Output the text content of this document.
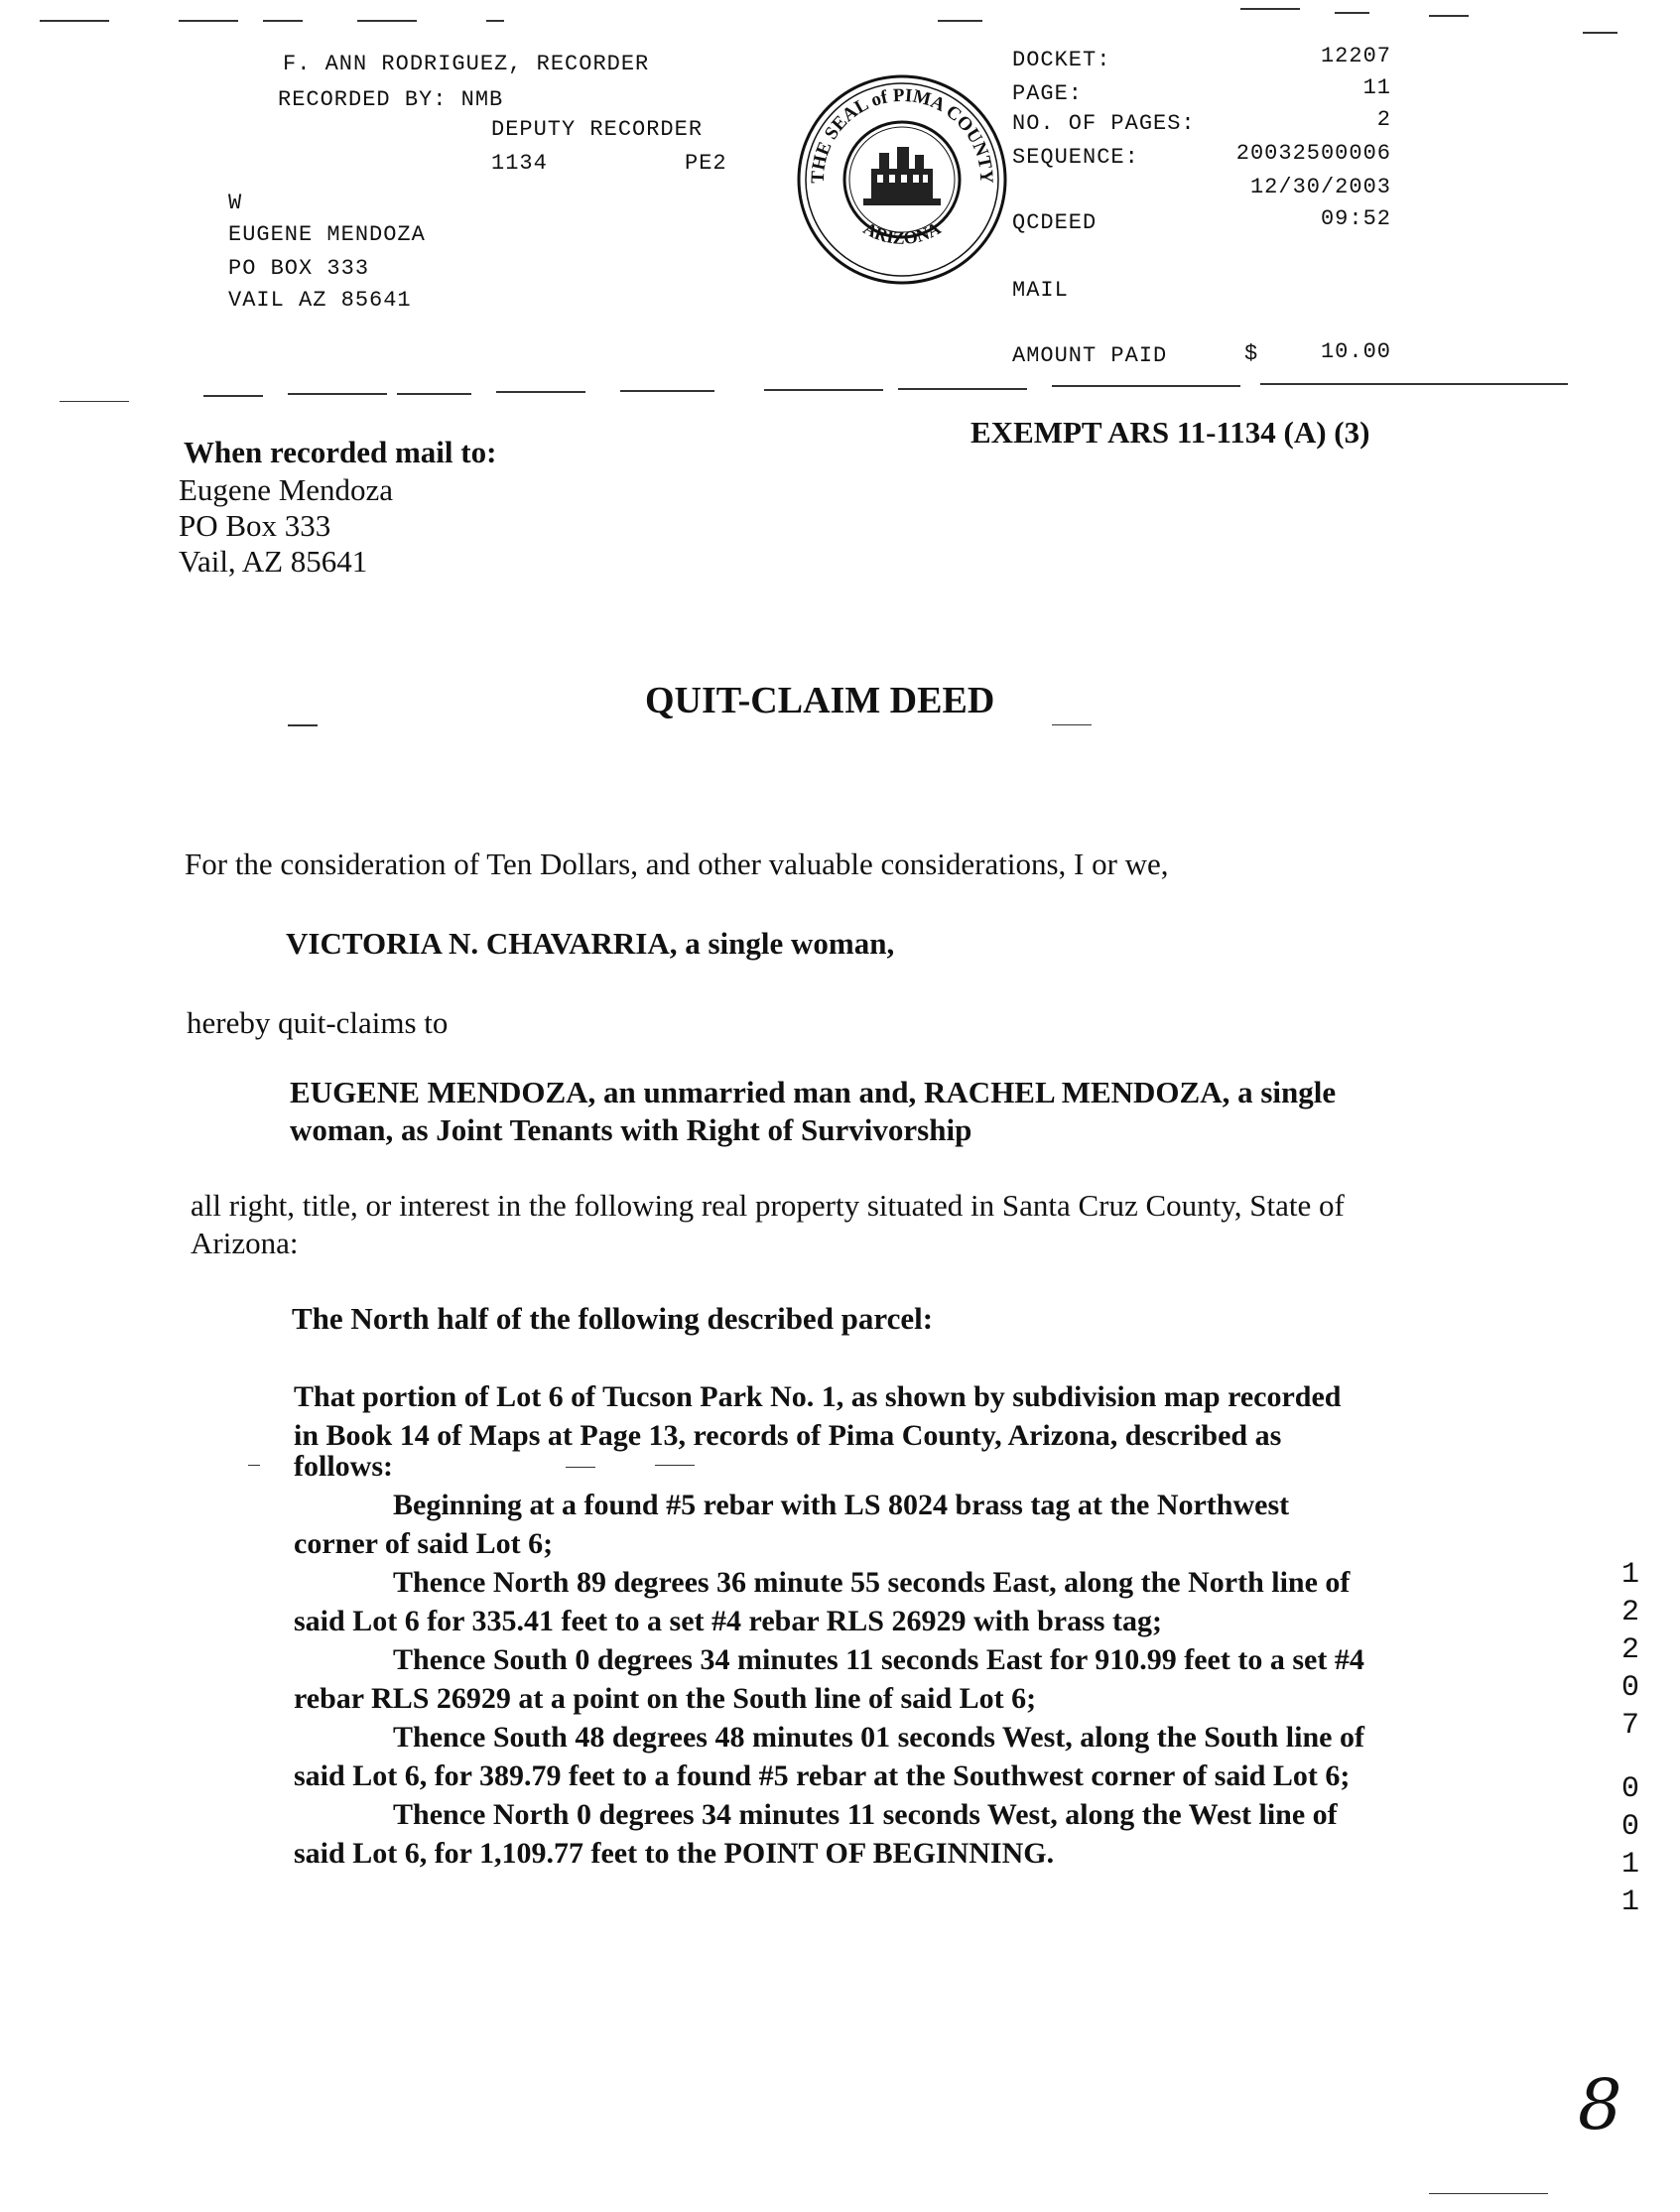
F. ANN RODRIGUEZ, RECORDER
RECORDED BY: NMB
DEPUTY RECORDER
1134	PE2
W
EUGENE MENDOZA
PO BOX 333
VAIL AZ 85641
THE SEAL of PIMA COUNTY
ARIZONA
DOCKET:	12207
PAGE:	11
NO. OF PAGES:	2
SEQUENCE:	20032500006
12/30/2003
QCDEED	09:52
MAIL
AMOUNT PAID	$	10.00
EXEMPT ARS 11-1134 (A) (3)
When recorded mail to:
Eugene Mendoza
PO Box 333
Vail, AZ 85641
QUIT-CLAIM DEED
For the consideration of Ten Dollars, and other valuable considerations, I or we,
VICTORIA N. CHAVARRIA, a single woman,
hereby quit-claims to
EUGENE MENDOZA, an unmarried man and, RACHEL MENDOZA, a single
woman, as Joint Tenants with Right of Survivorship
all right, title, or interest in the following real property situated in Santa Cruz County, State of
Arizona:
The North half of the following described parcel:
That portion of Lot 6 of Tucson Park No. 1, as shown by subdivision map recorded
in Book 14 of Maps at Page 13, records of Pima County, Arizona, described as
follows:
Beginning at a found #5 rebar with LS 8024 brass tag at the Northwest
corner of said Lot 6;
Thence North 89 degrees 36 minute 55 seconds East, along the North line of
said Lot 6 for 335.41 feet to a set #4 rebar RLS 26929 with brass tag;
Thence South 0 degrees 34 minutes 11 seconds East for 910.99 feet to a set #4
rebar RLS 26929 at a point on the South line of said Lot 6;
Thence South 48 degrees 48 minutes 01 seconds West, along the South line of
said Lot 6, for 389.79 feet to a found #5 rebar at the Southwest corner of said Lot 6;
Thence North 0 degrees 34 minutes 11 seconds West, along the West line of
said Lot 6, for 1,109.77 feet to the POINT OF BEGINNING.
1
2
2
0
7
0
0
1
1
8
